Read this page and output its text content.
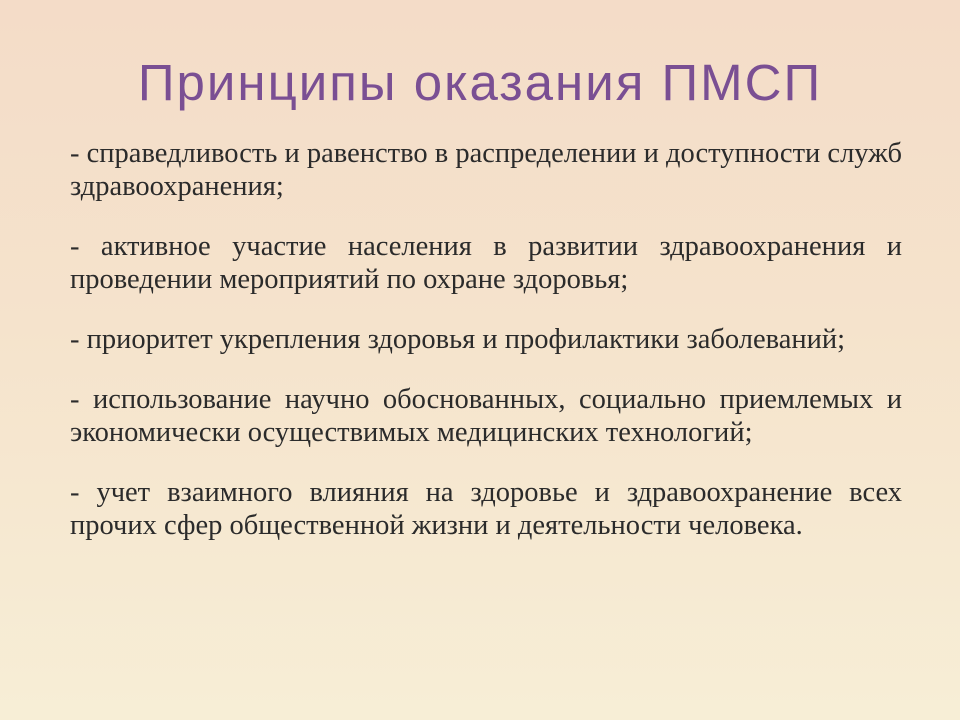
Принципы оказания ПМСП
- справедливость и равенство в распределении и доступности служб здравоохранения;
- активное участие населения в развитии здравоохранения и проведении мероприятий по охране здоровья;
- приоритет укрепления здоровья и профилактики заболеваний;
- использование научно обоснованных, социально приемлемых и экономически осуществимых медицинских технологий;
- учет взаимного влияния на здоровье и здравоохранение всех прочих сфер общественной жизни и деятельности человека.
